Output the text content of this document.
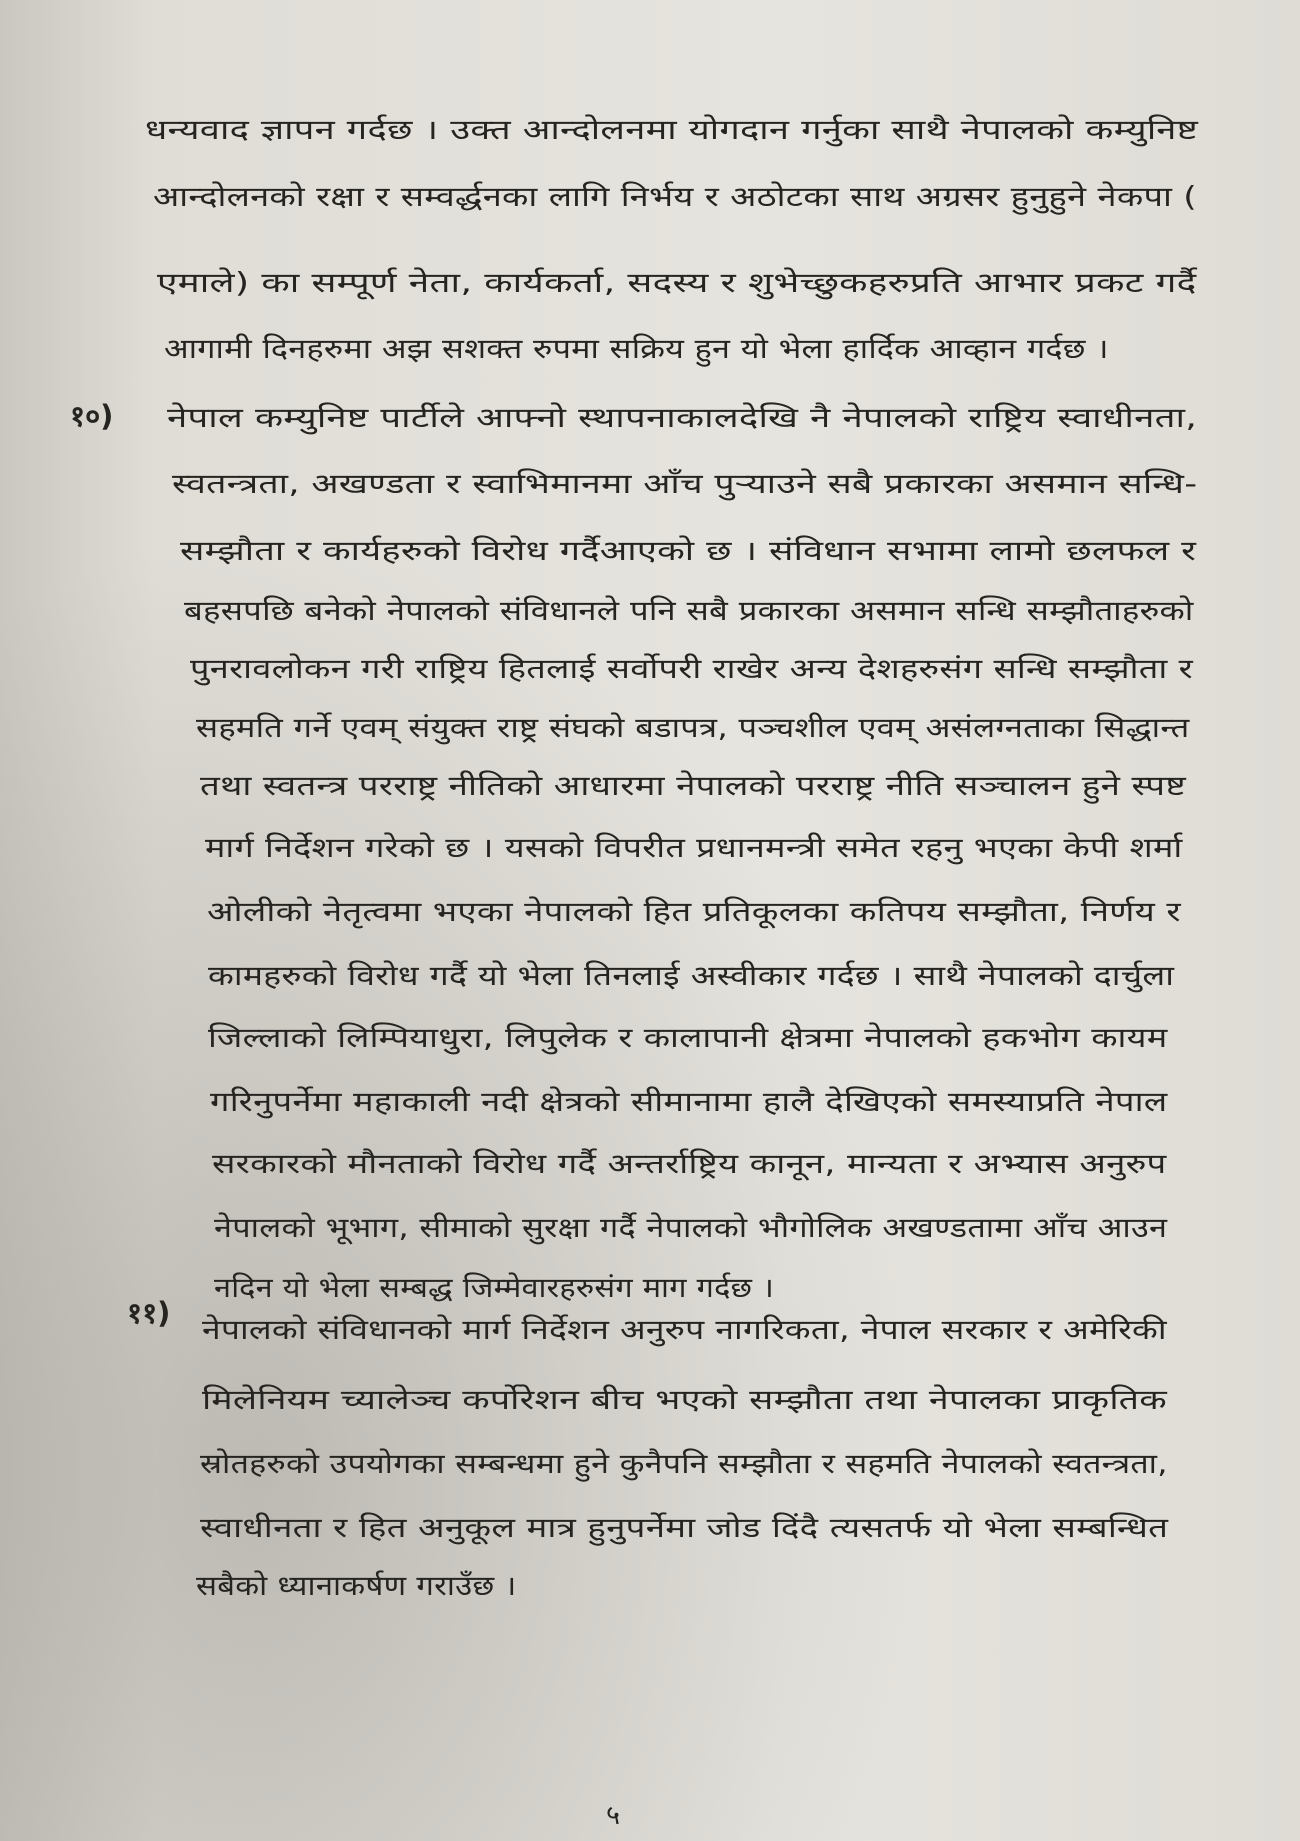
धन्यवाद ज्ञापन गर्दछ । उक्त आन्दोलनमा योगदान गर्नुका साथै नेपालको कम्युनिष्ट
आन्दोलनको रक्षा र सम्वर्द्धनका लागि निर्भय र अठोटका साथ अग्रसर हुनुहुने नेकपा (
एमाले) का सम्पूर्ण नेता, कार्यकर्ता, सदस्य र शुभेच्छुकहरुप्रति आभार प्रकट गर्दै
आगामी दिनहरुमा अझ सशक्त रुपमा सक्रिय हुन यो भेला हार्दिक आव्हान गर्दछ ।
१०) नेपाल कम्युनिष्ट पार्टीले आफ्नो स्थापनाकालदेखि नै नेपालको राष्ट्रिय स्वाधीनता,
स्वतन्त्रता, अखण्डता र स्वाभिमानमा आँच पुऱ्याउने सबै प्रकारका असमान सन्धि-
सम्झौता र कार्यहरुको विरोध गर्दैआएको छ । संविधान सभामा लामो छलफल र
बहसपछि बनेको नेपालको संविधानले पनि सबै प्रकारका असमान सन्धि सम्झौताहरुको
पुनरावलोकन गरी राष्ट्रिय हितलाई सर्वोपरी राखेर अन्य देशहरुसंग सन्धि सम्झौता र
सहमति गर्ने एवम् संयुक्त राष्ट्र संघको बडापत्र, पञ्चशील एवम् असंलग्नताका सिद्धान्त
तथा स्वतन्त्र परराष्ट्र नीतिको आधारमा नेपालको परराष्ट्र नीति सञ्चालन हुने स्पष्ट
मार्ग निर्देशन गरेको छ । यसको विपरीत प्रधानमन्त्री समेत रहनु भएका केपी शर्मा
ओलीको नेतृत्वमा भएका नेपालको हित प्रतिकूलका कतिपय सम्झौता, निर्णय र
कामहरुको विरोध गर्दै यो भेला तिनलाई अस्वीकार गर्दछ । साथै नेपालको दार्चुला
जिल्लाको लिम्पियाधुरा, लिपुलेक र कालापानी क्षेत्रमा नेपालको हकभोग कायम
गरिनुपर्नेमा महाकाली नदी क्षेत्रको सीमानामा हालै देखिएको समस्याप्रति नेपाल
सरकारको मौनताको विरोध गर्दै अन्तर्राष्ट्रिय कानून, मान्यता र अभ्यास अनुरुप
नेपालको भूभाग, सीमाको सुरक्षा गर्दै नेपालको भौगोलिक अखण्डतामा आँच आउन
नदिन यो भेला सम्बद्ध जिम्मेवारहरुसंग माग गर्दछ ।
११) नेपालको संविधानको मार्ग निर्देशन अनुरुप नागरिकता, नेपाल सरकार र अमेरिकी
मिलेनियम च्यालेञ्च कर्पोरेशन बीच भएको सम्झौता तथा नेपालका प्राकृतिक
स्रोतहरुको उपयोगका सम्बन्धमा हुने कुनैपनि सम्झौता र सहमति नेपालको स्वतन्त्रता,
स्वाधीनता र हित अनुकूल मात्र हुनुपर्नेमा जोड दिंदै त्यसतर्फ यो भेला सम्बन्धित
सबैको ध्यानाकर्षण गराउँछ ।
५
